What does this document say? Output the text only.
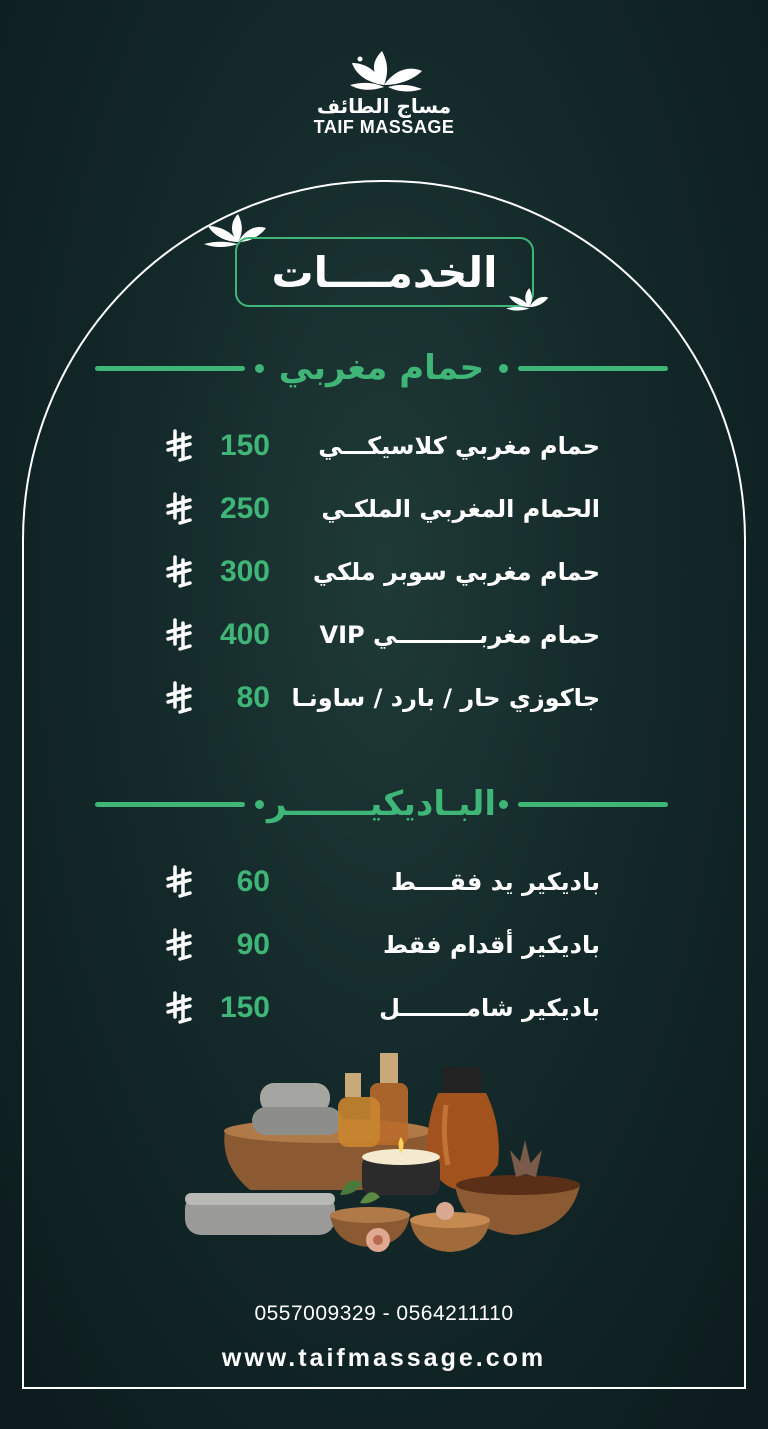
مساج الطائف
TAIF MASSAGE
الخدمــــات
حمام مغربي
حمام مغربي كلاسيكـــي
150
الحمام المغربي الملكـي
250
حمام مغربي سوبر ملكي
300
حمام مغربــــــــــي VIP
400
جاكوزي حار / بارد / ساونـا
80
البـاديكيـــــــر
باديكير يد فقــــط
60
باديكير أقدام فقط
90
باديكير شامــــــــل
150
0557009329 - 0564211110
www.taifmassage.com
